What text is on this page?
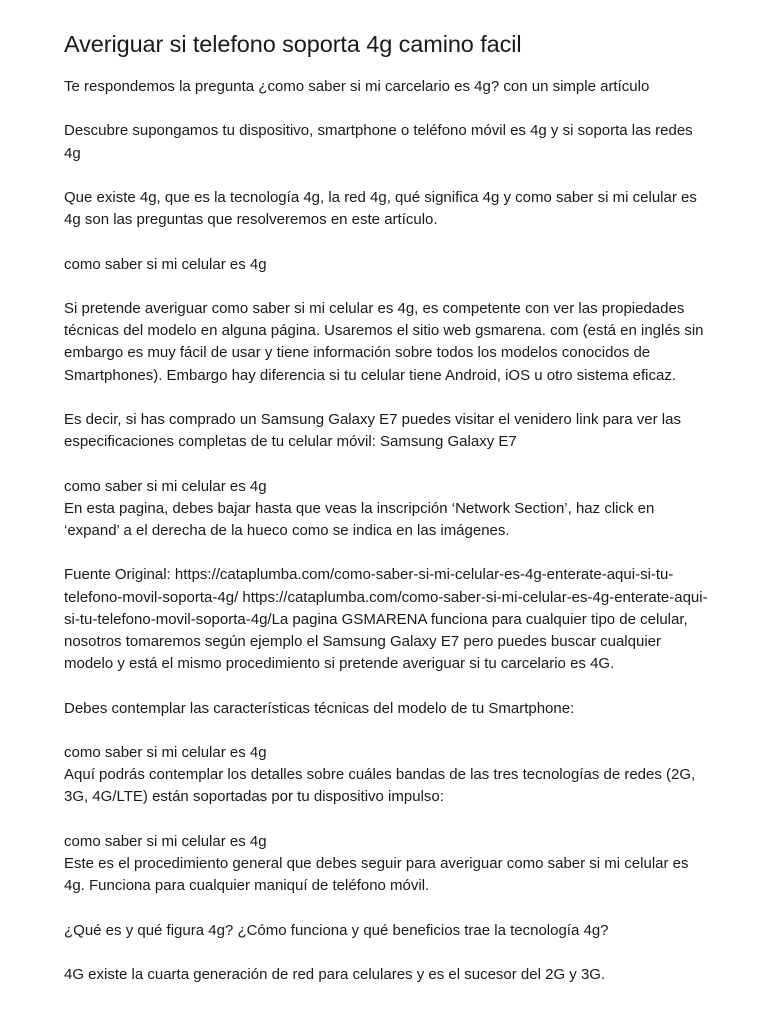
Averiguar si telefono soporta 4g camino facil

Te respondemos la pregunta ¿como saber si mi carcelario es 4g? con un simple artículo

Descubre supongamos tu dispositivo, smartphone o teléfono móvil es 4g y si soporta las redes 4g

Que existe 4g, que es la tecnología 4g, la red 4g, qué significa 4g y como saber si mi celular es 4g son las preguntas que resolveremos en este artículo.

como saber si mi celular es 4g

Si pretende averiguar como saber si mi celular es 4g, es competente con ver las propiedades técnicas del modelo en alguna página. Usaremos el sitio web gsmarena. com (está en inglés sin embargo es muy fácil de usar y tiene información sobre todos los modelos conocidos de Smartphones). Embargo hay diferencia si tu celular tiene Android, iOS u otro sistema eficaz.

Es decir, si has comprado un Samsung Galaxy E7 puedes visitar el venidero link para ver las especificaciones completas de tu celular móvil: Samsung Galaxy E7

como saber si mi celular es 4g
En esta pagina, debes bajar hasta que veas la inscripción ‘Network Section’, haz click en ‘expand’ a el derecha de la hueco como se indica en las imágenes.

Fuente Original: https://cataplumba.com/como-saber-si-mi-celular-es-4g-enterate-aqui-si-tu-telefono-movil-soporta-4g/ https://cataplumba.com/como-saber-si-mi-celular-es-4g-enterate-aqui-si-tu-telefono-movil-soporta-4g/La pagina GSMARENA funciona para cualquier tipo de celular, nosotros tomaremos según ejemplo el Samsung Galaxy E7 pero puedes buscar cualquier modelo y está el mismo procedimiento si pretende averiguar si tu carcelario es 4G.

Debes contemplar las características técnicas del modelo de tu Smartphone:

como saber si mi celular es 4g
Aquí podrás contemplar los detalles sobre cuáles bandas de las tres tecnologías de redes (2G, 3G, 4G/LTE) están soportadas por tu dispositivo impulso:

como saber si mi celular es 4g
Este es el procedimiento general que debes seguir para averiguar como saber si mi celular es 4g. Funciona para cualquier maniquí de teléfono móvil.

¿Qué es y qué figura 4g? ¿Cómo funciona y qué beneficios trae la tecnología 4g?

4G existe la cuarta generación de red para celulares y es el sucesor del 2G y 3G.
